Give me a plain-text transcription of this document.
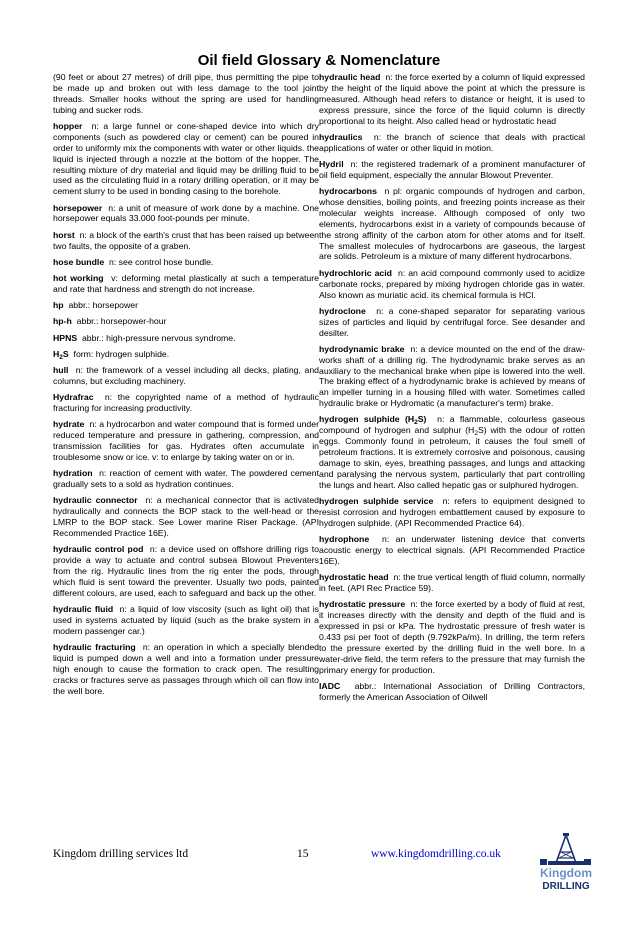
Oil field Glossary & Nomenclature

(90 feet or about 27 metres) of drill pipe, thus permitting the pipe to be made up and broken out with less damage to the tool joint threads. Smaller hooks without the spring are used for handling tubing and sucker rods.

hopper n: a large funnel or cone-shaped device into which dry components (such as powdered clay or cement) can be poured in order to uniformly mix the components with water or other liquids. the liquid is injected through a nozzle at the bottom of the hopper. The resulting mixture of dry material and liquid may be drilling fluid to be used as the circulating fluid in a rotary drilling operation, or it may be cement slurry to be used in bonding casing to the borehole.

horsepower n: a unit of measure of work done by a machine. One horsepower equals 33.000 foot-pounds per minute.

horst n: a block of the earth's crust that has been raised up between two faults, the opposite of a graben.

hose bundle n: see control hose bundle.

hot working v: deforming metal plastically at such a temperature and rate that hardness and strength do not increase.

hp abbr.: horsepower

hp-h abbr.: horsepower-hour

HPNS abbr.: high-pressure nervous syndrome.

$H_2S$ form: hydrogen sulphide.

hull n: the framework of a vessel including all decks, plating, and columns, but excluding machinery.

Hydrafrac n: the copyrighted name of a method of hydraulic fracturing for increasing productivity.

hydrate n: a hydrocarbon and water compound that is formed under reduced temperature and pressure in gathering, compression, and transmission facilities for gas. Hydrates often accumulate in troublesome snow or ice. v: to enlarge by taking water on or in.

hydration n: reaction of cement with water. The powdered cement gradually sets to a sold as hydration continues.

hydraulic connector n: a mechanical connector that is activated hydraulically and connects the BOP stack to the well-head or the LMRP to the BOP stack. See Lower marine Riser Package. (API Recommended Practice 16E).

hydraulic control pod n: a device used on offshore drilling rigs to provide a way to actuate and control subsea Blowout Preventers from the rig. Hydraulic lines from the rig enter the pods, through which fluid is sent toward the preventer. Usually two pods, painted different colours, are used, each to safeguard and back up the other.

hydraulic fluid n: a liquid of low viscosity (such as light oil) that is used in systems actuated by liquid (such as the brake system in a modern passenger car.)

hydraulic fracturing n: an operation in which a specially blended liquid is pumped down a well and into a formation under pressure high enough to cause the formation to crack open. The resulting cracks or fractures serve as passages through which oil can flow into the well bore.

hydraulic head n: the force exerted by a column of liquid expressed by the height of the liquid above the point at which the pressure is measured. Although head refers to distance or height, it is used to express pressure, since the force of the liquid column is directly proportional to its height. Also called head or hydrostatic head

hydraulics n: the branch of science that deals with practical applications of water or other liquid in motion.

Hydril n: the registered trademark of a prominent manufacturer of oil field equipment, especially the annular Blowout Preventer.

hydrocarbons n pl: organic compounds of hydrogen and carbon, whose densities, boiling points, and freezing points increase as their molecular weights increase. Although composed of only two elements, hydrocarbons exist in a variety of compounds because of the strong affinity of the carbon atom for other atoms and for itself. The smallest molecules of hydrocarbons are gaseous, the largest are solids. Petroleum is a mixture of many different hydrocarbons.

hydrochloric acid n: an acid compound commonly used to acidize carbonate rocks, prepared by mixing hydrogen chloride gas in water. Also known as muriatic acid. its chemical formula is HCl.

hydroclone n: a cone-shaped separator for separating various sizes of particles and liquid by centrifugal force. See desander and desilter.

hydrodynamic brake n: a device mounted on the end of the draw-works shaft of a drilling rig. The hydrodynamic brake serves as an auxiliary to the mechanical brake when pipe is lowered into the well. The braking effect of a hydrodynamic brake is achieved by means of an impeller turning in a housing filled with water. Sometimes called hydraulic brake or Hydromatic (a manufacturer's term) brake.

hydrogen sulphide $(H_2S)$ n: a flammable, colourless gaseous compound of hydrogen and sulphur $(H_2S)$ with the odour of rotten eggs. Commonly found in petroleum, it causes the foul smell of petroleum fractions. It is extremely corrosive and poisonous, causing damage to skin, eyes, breathing passages, and lungs and attacking and paralysing the nervous system, particularly that part controlling the lungs and heart. Also called hepatic gas or sulphured hydrogen.

hydrogen sulphide service n: refers to equipment designed to resist corrosion and hydrogen embattlement caused by exposure to hydrogen sulphide. (API Recommended Practice 64).

hydrophone n: an underwater listening device that converts acoustic energy to electrical signals. (API Recommended Practice 16E).

hydrostatic head n: the true vertical length of fluid column, normally in feet. (API Rec Practice 59).

hydrostatic pressure n: the force exerted by a body of fluid at rest, it increases directly with the density and depth of the fluid and is expressed in psi or kPa. The hydrostatic pressure of fresh water is 0.433 psi per foot of depth (9.792kPa/m). In drilling, the term refers to the pressure exerted by the drilling fluid in the well bore. In a water-drive field, the term refers to the pressure that may furnish the primary energy for production.

IADC abbr.: International Association of Drilling Contractors, formerly the American Association of Oilwell

Kingdom drilling services ltd	15	www.kingdomdrilling.co.uk
Kingdom
DRILLING
